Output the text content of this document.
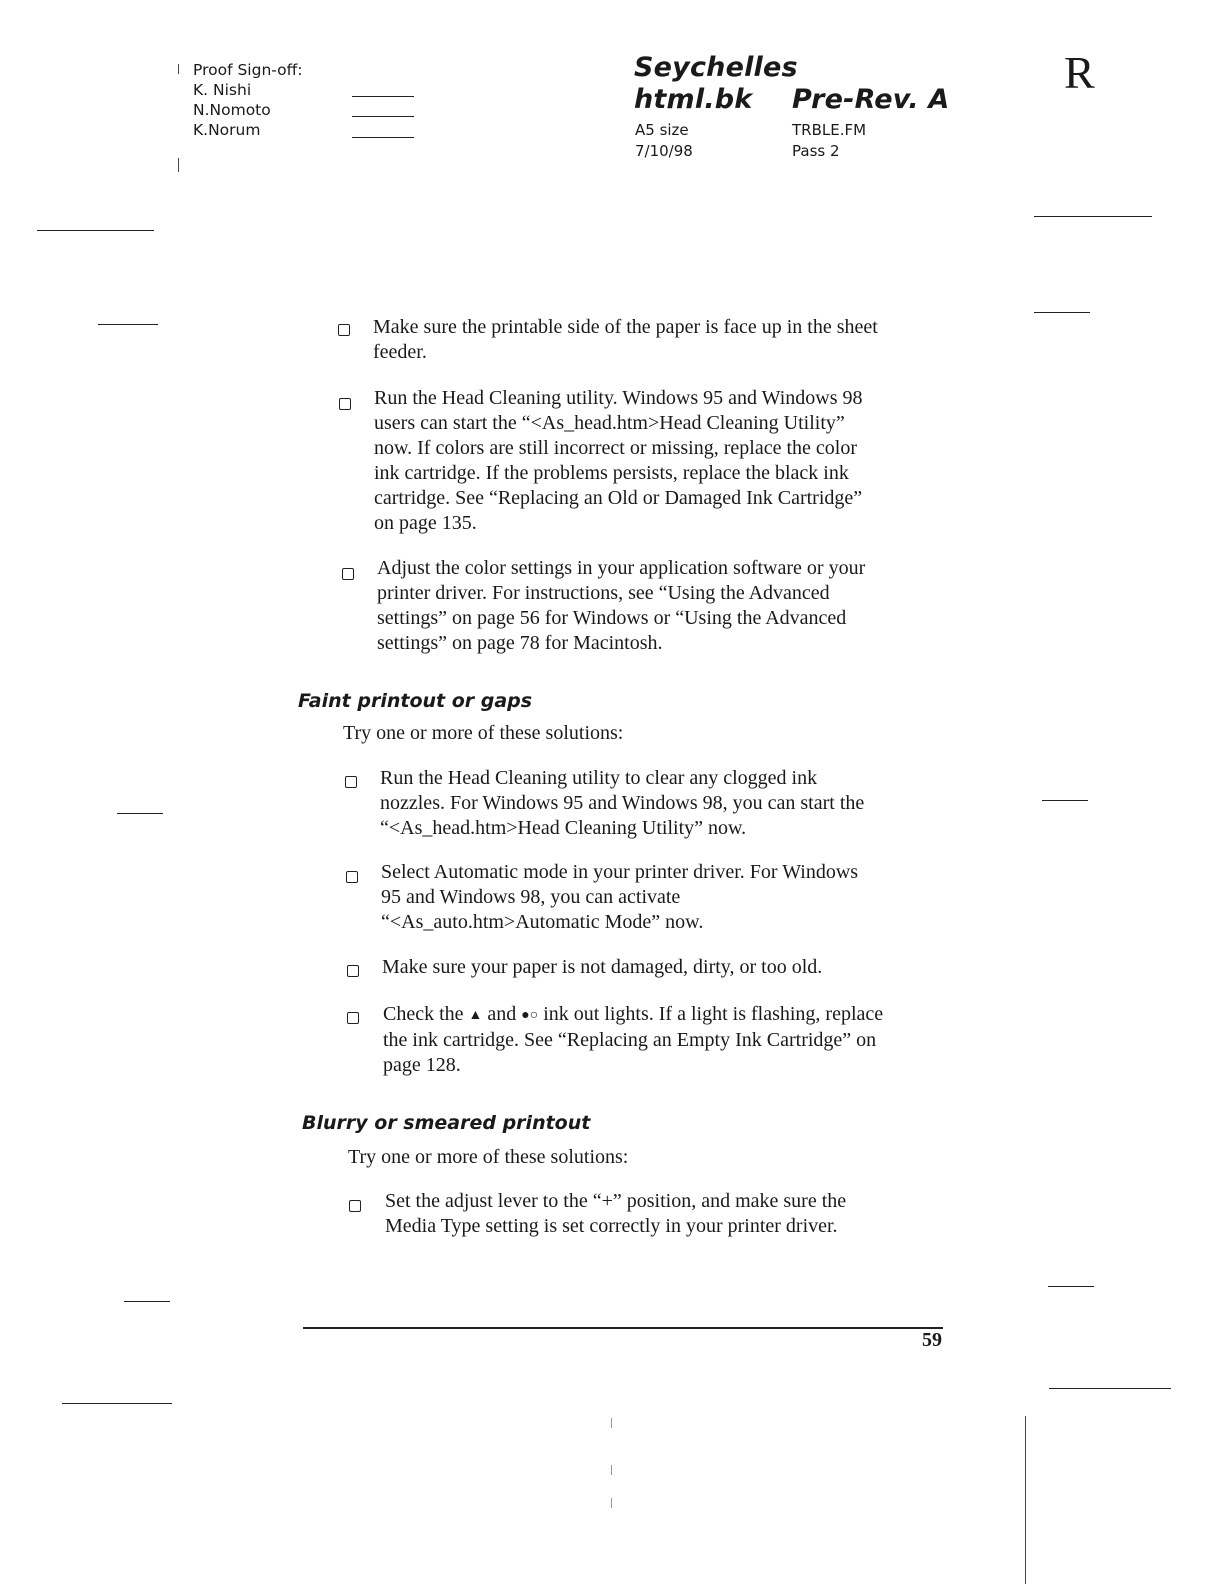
Proof Sign-off:
K. Nishi
N.Nomoto
K.Norum
Seychelles
html.bk Pre-Rev. A
A5 size
7/10/98
TRBLE.FM
Pass 2
R
Make sure the printable side of the paper is face up in the sheet
feeder.
Run the Head Cleaning utility. Windows 95 and Windows 98
users can start the “<As_head.htm>Head Cleaning Utility”
now. If colors are still incorrect or missing, replace the color
ink cartridge. If the problems persists, replace the black ink
cartridge. See “Replacing an Old or Damaged Ink Cartridge”
on page 135.
Adjust the color settings in your application software or your
printer driver. For instructions, see “Using the Advanced
settings” on page 56 for Windows or “Using the Advanced
settings” on page 78 for Macintosh.
Faint printout or gaps
Try one or more of these solutions:
Run the Head Cleaning utility to clear any clogged ink
nozzles. For Windows 95 and Windows 98, you can start the
“<As_head.htm>Head Cleaning Utility” now.
Select Automatic mode in your printer driver. For Windows
95 and Windows 98, you can activate
“<As_auto.htm>Automatic Mode” now.
Make sure your paper is not damaged, dirty, or too old.
Check the ▲ and ●○ ink out lights. If a light is flashing, replace
the ink cartridge. See “Replacing an Empty Ink Cartridge” on
page 128.
Blurry or smeared printout
Try one or more of these solutions:
Set the adjust lever to the “+” position, and make sure the
Media Type setting is set correctly in your printer driver.
59
